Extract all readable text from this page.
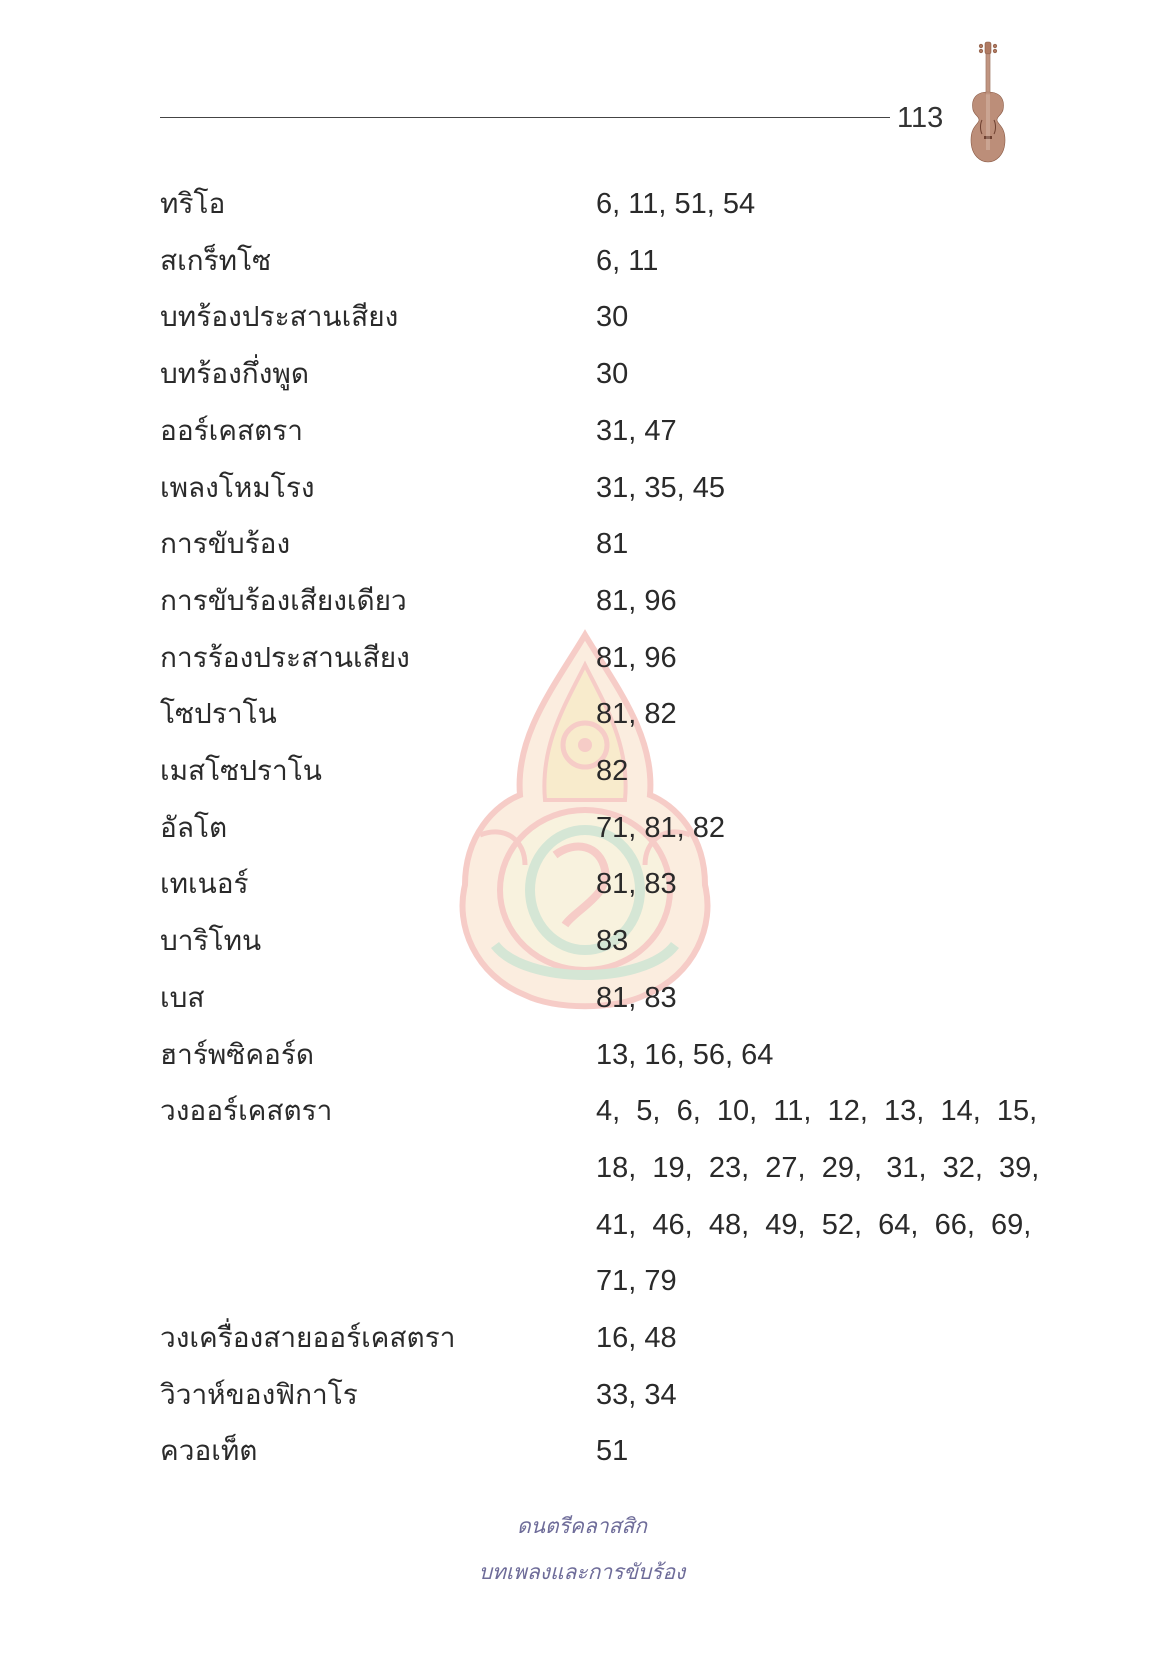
113
ทริโอ	6, 11, 51, 54
สเกร็ทโซ	6, 11
บทร้องประสานเสียง	30
บทร้องกึ่งพูด	30
ออร์เคสตรา	31, 47
เพลงโหมโรง	31, 35, 45
การขับร้อง	81
การขับร้องเสียงเดียว	81, 96
การร้องประสานเสียง	81, 96
โซปราโน	81, 82
เมสโซปราโน	82
อัลโต	71, 81, 82
เทเนอร์	81, 83
บาริโทน	83
เบส	81, 83
ฮาร์พซิคอร์ด	13, 16, 56, 64
วงออร์เคสตรา	4,  5,  6,  10,  11,  12,  13,  14,  15,
18,  19,  23,  27,  29,   31,  32,  39,
41,  46,  48,  49,  52,  64,  66,  69,
71, 79
วงเครื่องสายออร์เคสตรา	16, 48
วิวาห์ของฟิกาโร	33, 34
ควอเท็ต	51
ดนตรีคลาสสิก
บทเพลงและการขับร้อง
